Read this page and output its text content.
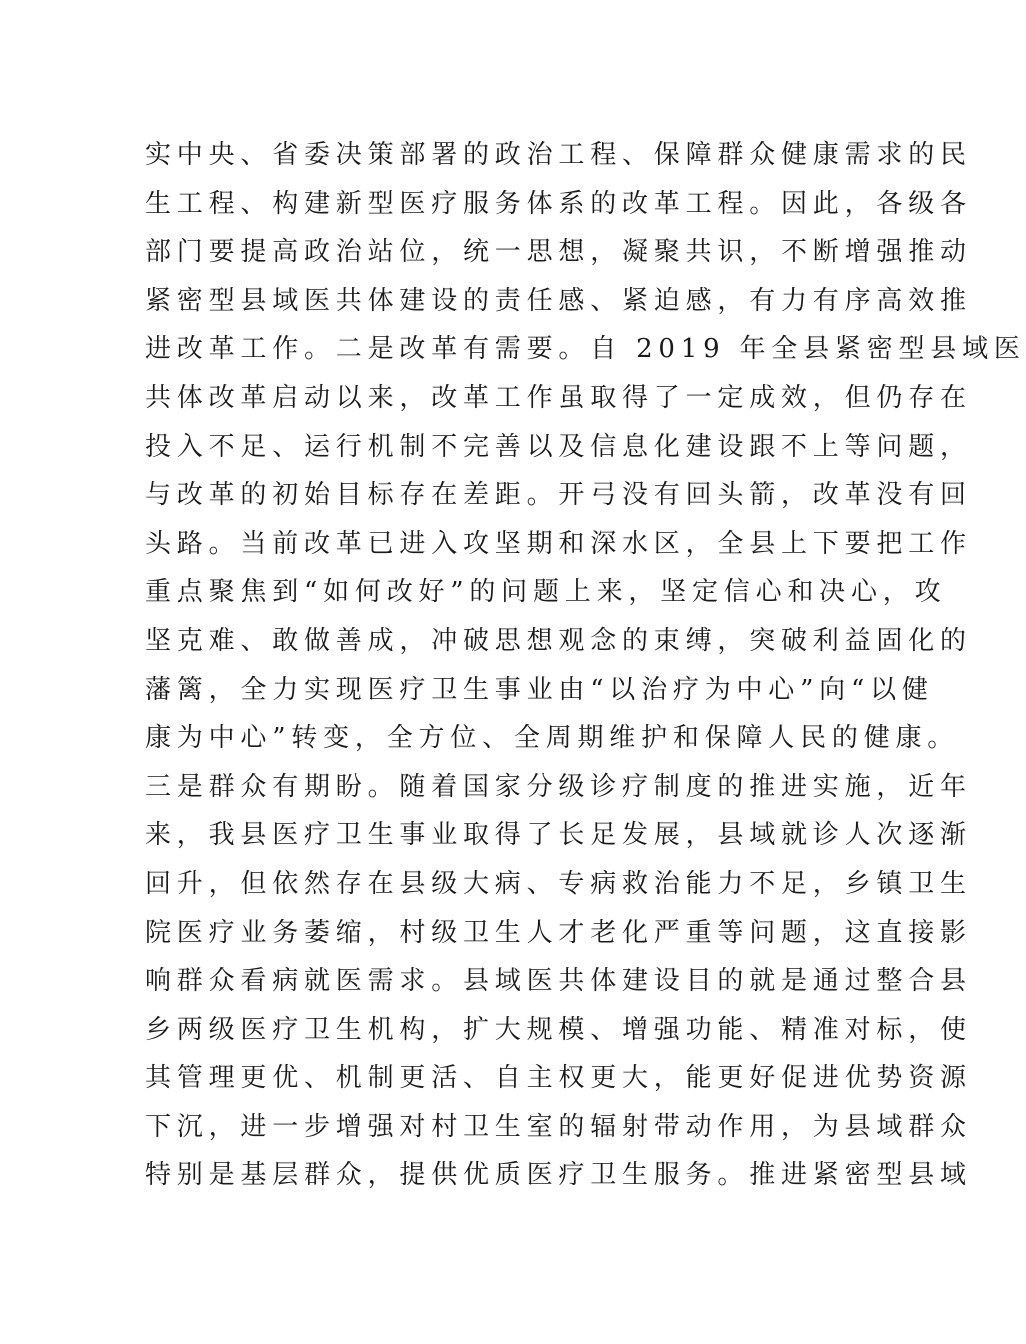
实中央、省委决策部署的政治工程、保障群众健康需求的民
生工程、构建新型医疗服务体系的改革工程。因此，各级各
部门要提高政治站位，统一思想，凝聚共识，不断增强推动
紧密型县域医共体建设的责任感、紧迫感，有力有序高效推
进改革工作。二是改革有需要。自 2019 年全县紧密型县域医
共体改革启动以来，改革工作虽取得了一定成效，但仍存在
投入不足、运行机制不完善以及信息化建设跟不上等问题，
与改革的初始目标存在差距。开弓没有回头箭，改革没有回
头路。当前改革已进入攻坚期和深水区，全县上下要把工作
重点聚焦到“如何改好”的问题上来，坚定信心和决心，攻
坚克难、敢做善成，冲破思想观念的束缚，突破利益固化的
藩篱，全力实现医疗卫生事业由“以治疗为中心”向“以健
康为中心”转变，全方位、全周期维护和保障人民的健康。
三是群众有期盼。随着国家分级诊疗制度的推进实施，近年
来，我县医疗卫生事业取得了长足发展，县域就诊人次逐渐
回升，但依然存在县级大病、专病救治能力不足，乡镇卫生
院医疗业务萎缩，村级卫生人才老化严重等问题，这直接影
响群众看病就医需求。县域医共体建设目的就是通过整合县
乡两级医疗卫生机构，扩大规模、增强功能、精准对标，使
其管理更优、机制更活、自主权更大，能更好促进优势资源
下沉，进一步增强对村卫生室的辐射带动作用，为县域群众
特别是基层群众，提供优质医疗卫生服务。推进紧密型县域
